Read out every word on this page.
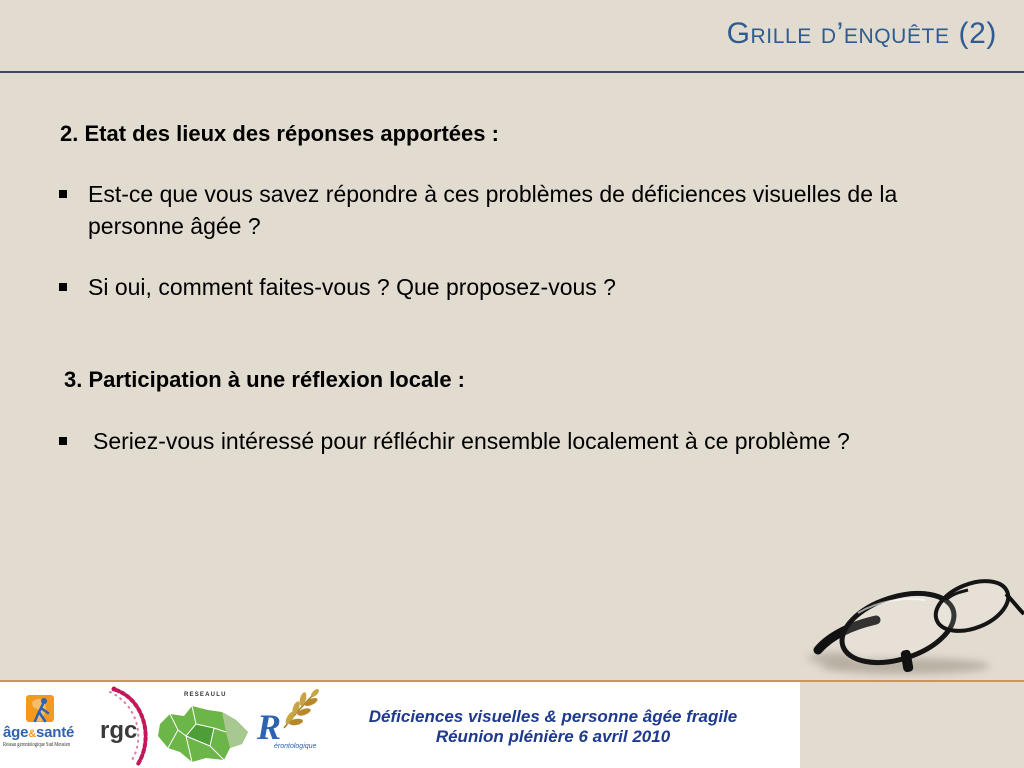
Grille d’enquête (2)
2. Etat des lieux des réponses apportées :
Est-ce que vous savez répondre à ces problèmes de déficiences visuelles de la personne âgée ?
Si oui, comment faites-vous ? Que proposez-vous ?
3. Participation à une réflexion locale :
Seriez-vous intéressé pour réfléchir ensemble localement à ce problème ?
Déficiences visuelles & personne âgée fragile
Réunion plénière 6 avril 2010
âge&santé
Réseau gérontologique Sud Meusien
rgc
RESEAULU
R
érontologique
